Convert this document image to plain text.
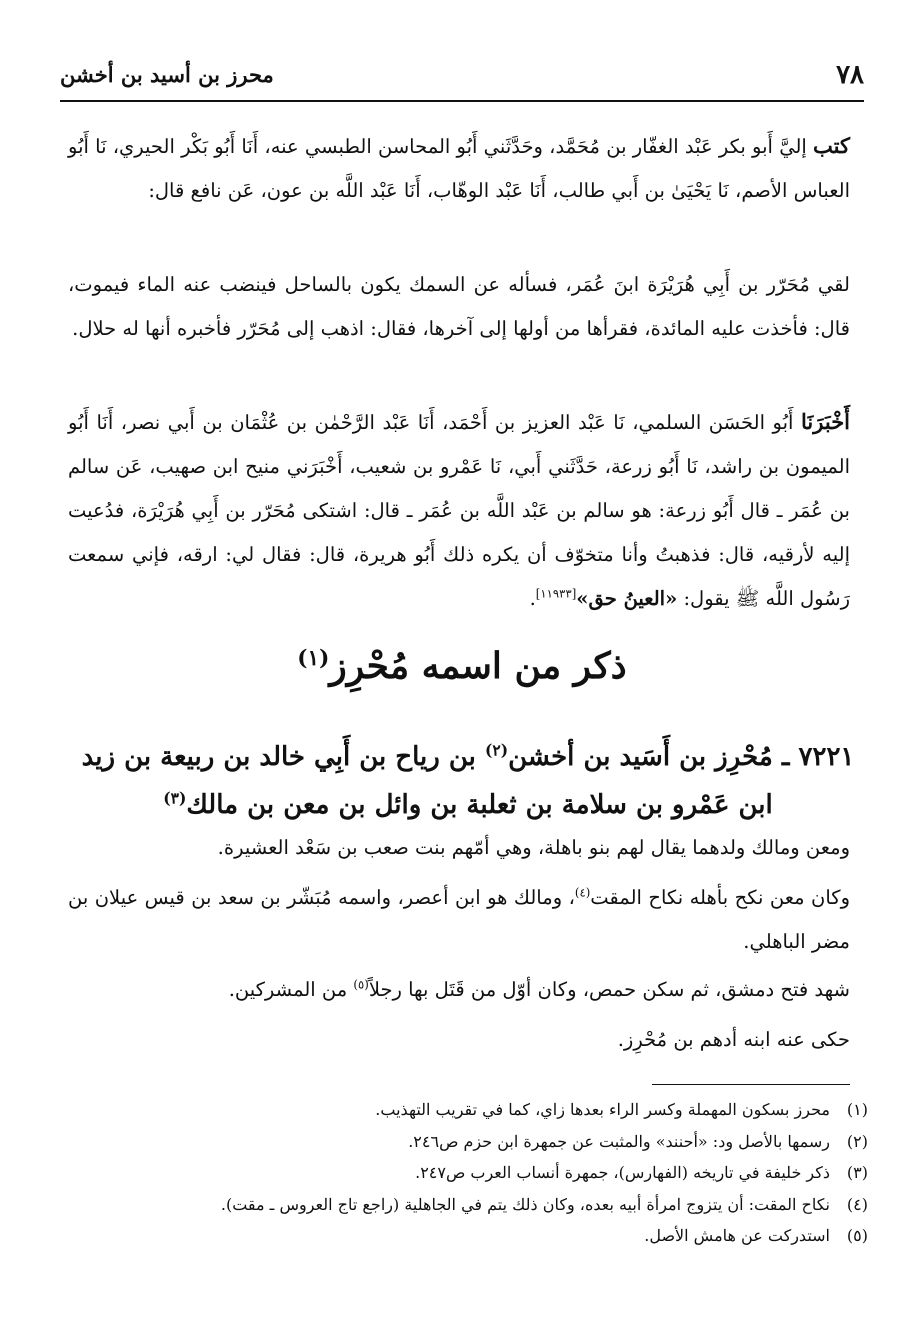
٧٨
محرز بن أسيد بن أخشن
كتب إليَّ أَبو بكر عَبْد الغفّار بن مُحَمَّد، وحَدَّثَني أَبُو المحاسن الطبسي عنه، أَنَا أَبُو بَكْر الحيري، نَا أَبُو العباس الأصم، نَا يَحْيَىٰ بن أَبي طالب، أَنَا عَبْد الوهّاب، أَنَا عَبْد اللَّه بن عون، عَن نافع قال:
لقي مُحَرّر بن أَبِي هُرَيْرَة ابنَ عُمَر، فسأله عن السمك يكون بالساحل فينضب عنه الماء فيموت، قال: فأخذت عليه المائدة، فقرأها من أولها إلى آخرها، فقال: اذهب إلى مُحَرّر فأخبره أنها له حلال.
أَخْبَرَنَا أَبُو الحَسَن السلمي، نَا عَبْد العزيز بن أَحْمَد، أَنَا عَبْد الرَّحْمٰن بن عُثْمَان بن أَبي نصر، أَنَا أَبُو الميمون بن راشد، نَا أَبُو زرعة، حَدَّثَني أَبي، نَا عَمْرو بن شعيب، أَخْبَرَني منيح ابن صهيب، عَن سالم بن عُمَر ـ قال أَبُو زرعة: هو سالم بن عَبْد اللَّه بن عُمَر ـ قال: اشتكى مُحَرّر بن أَبِي هُرَيْرَة، فدُعيت إليه لأرقيه، قال: فذهبتُ وأنا متخوّف أن يكره ذلك أَبُو هريرة، قال: فقال لي: ارقه، فإني سمعت رَسُول اللَّه ﷺ يقول: «العينُ حق»[١١٩٣٣].
ذكر من اسمه مُحْرِز$^{(١)}$
٧٢٢١ ـ مُحْرِز بن أَسَيد بن أخشن$^{(٢)}$ بن رياح بن أَبِي خالد بن ربيعة بن زيد ابن عَمْرو بن سلامة بن ثعلبة بن وائل بن معن بن مالك$^{(٣)}$
ومعن ومالك ولدهما يقال لهم بنو باهلة، وهي أمّهم بنت صعب بن سَعْد العشيرة.
وكان معن نكح بأهله نكاح المقت$^{(٤)}$، ومالك هو ابن أعصر، واسمه مُبَشّر بن سعد بن قيس عيلان بن مضر الباهلي.
شهد فتح دمشق، ثم سكن حمص، وكان أوّل من قَتَل بها رجلاً$^{(٥)}$ من المشركين.
حكى عنه ابنه أدهم بن مُحْرِز.
(١)محرز بسكون المهملة وكسر الراء بعدها زاي، كما في تقريب التهذيب.
(٢)رسمها بالأصل ود: «أحنند» والمثبت عن جمهرة ابن حزم ص٢٤٦.
(٣)ذكر خليفة في تاريخه (الفهارس)، جمهرة أنساب العرب ص٢٤٧.
(٤)نكاح المقت: أن يتزوج امرأة أبيه بعده، وكان ذلك يتم في الجاهلية (راجع تاج العروس ـ مقت).
(٥)استدركت عن هامش الأصل.
